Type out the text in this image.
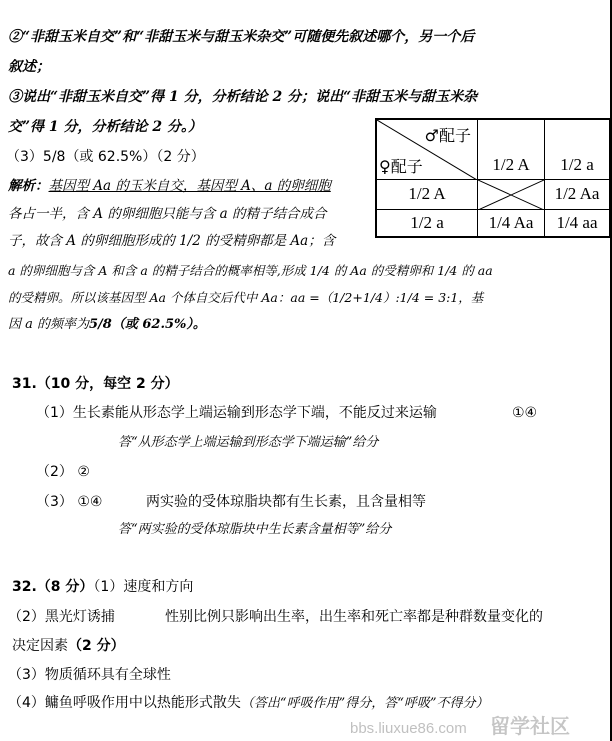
②“非甜玉米自交”和“非甜玉米与甜玉米杂交”可随便先叙述哪个，另一个后
叙述；
③说出“非甜玉米自交”得 1 分，分析结论 2 分；说出“非甜玉米与甜玉米杂
交”得 1 分，分析结论 2 分。）
（3）5/8（或 62.5%）（2 分）
解析：基因型 Aa 的玉米自交，基因型 A、a 的卵细胞
各占一半，含 A 的卵细胞只能与含 a 的精子结合成合
子，故含 A 的卵细胞形成的 1/2 的受精卵都是 Aa；含
a 的卵细胞与含 A 和含 a 的精子结合的概率相等,形成 1/4 的 Aa 的受精卵和 1/4 的 aa
的受精卵。所以该基因型 Aa 个体自交后代中 Aa：aa =（1/2+1/4）:1/4 = 3:1，基
因 a 的频率为5/8（或 62.5%）。
♂配子
♀配子	1/2 A	1/2 a
1/2 A		1/2 Aa
1/2 a	1/4 Aa	1/4 aa
31.（10 分，每空 2 分）
（1）生长素能从形态学上端运输到形态学下端，不能反过来运输	①④
答“从形态学上端运输到形态学下端运输”给分
（2） ②
（3） ①④	两实验的受体琼脂块都有生长素，且含量相等
答“两实验的受体琼脂块中生长素含量相等”给分
32.（8 分）（1）速度和方向
（2）黑光灯诱捕	性别比例只影响出生率，出生率和死亡率都是种群数量变化的
决定因素（2 分）
（3）物质循环具有全球性
（4）鳙鱼呼吸作用中以热能形式散失（答出“呼吸作用”得分，答“呼吸”不得分）
留学社区
bbs.liuxue86.com
